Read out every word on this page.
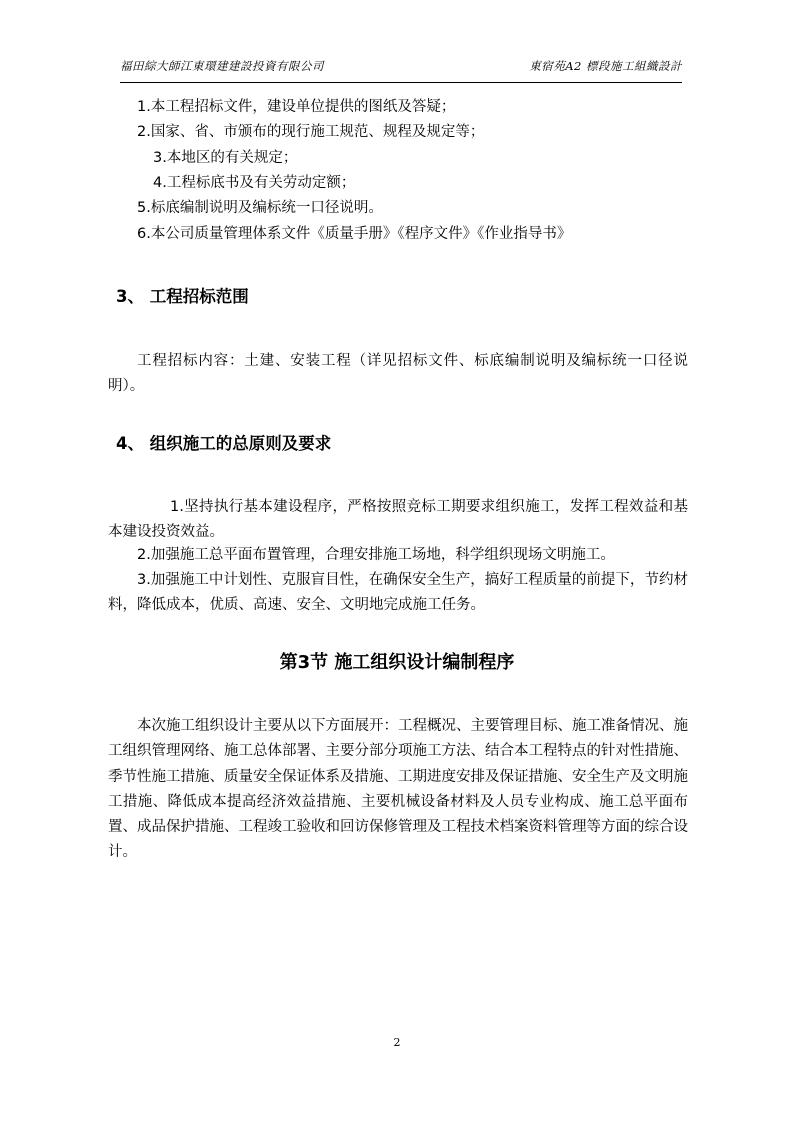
福田綜大師江東環建建設投資有限公司	東宿苑A2 標段施工組織設計
1.本工程招标文件，建设单位提供的图纸及答疑；
2.国家、省、市颁布的现行施工规范、规程及规定等；
3.本地区的有关规定；
4.工程标底书及有关劳动定额；
5.标底编制说明及编标统一口径说明。
6.本公司质量管理体系文件《质量手册》《程序文件》《作业指导书》
3、 工程招标范围
工程招标内容：土建、安装工程（详见招标文件、标底编制说明及编标统一口径说明）。
4、 组织施工的总原则及要求
1.坚持执行基本建设程序，严格按照竞标工期要求组织施工，发挥工程效益和基本建设投资效益。
2.加强施工总平面布置管理，合理安排施工场地，科学组织现场文明施工。
3.加强施工中计划性、克服盲目性，在确保安全生产，搞好工程质量的前提下，节约材料，降低成本，优质、高速、安全、文明地完成施工任务。
第3节 施工组织设计编制程序
本次施工组织设计主要从以下方面展开：工程概况、主要管理目标、施工准备情况、施工组织管理网络、施工总体部署、主要分部分项施工方法、结合本工程特点的针对性措施、季节性施工措施、质量安全保证体系及措施、工期进度安排及保证措施、安全生产及文明施工措施、降低成本提高经济效益措施、主要机械设备材料及人员专业构成、施工总平面布置、成品保护措施、工程竣工验收和回访保修管理及工程技术档案资料管理等方面的综合设计。
2
